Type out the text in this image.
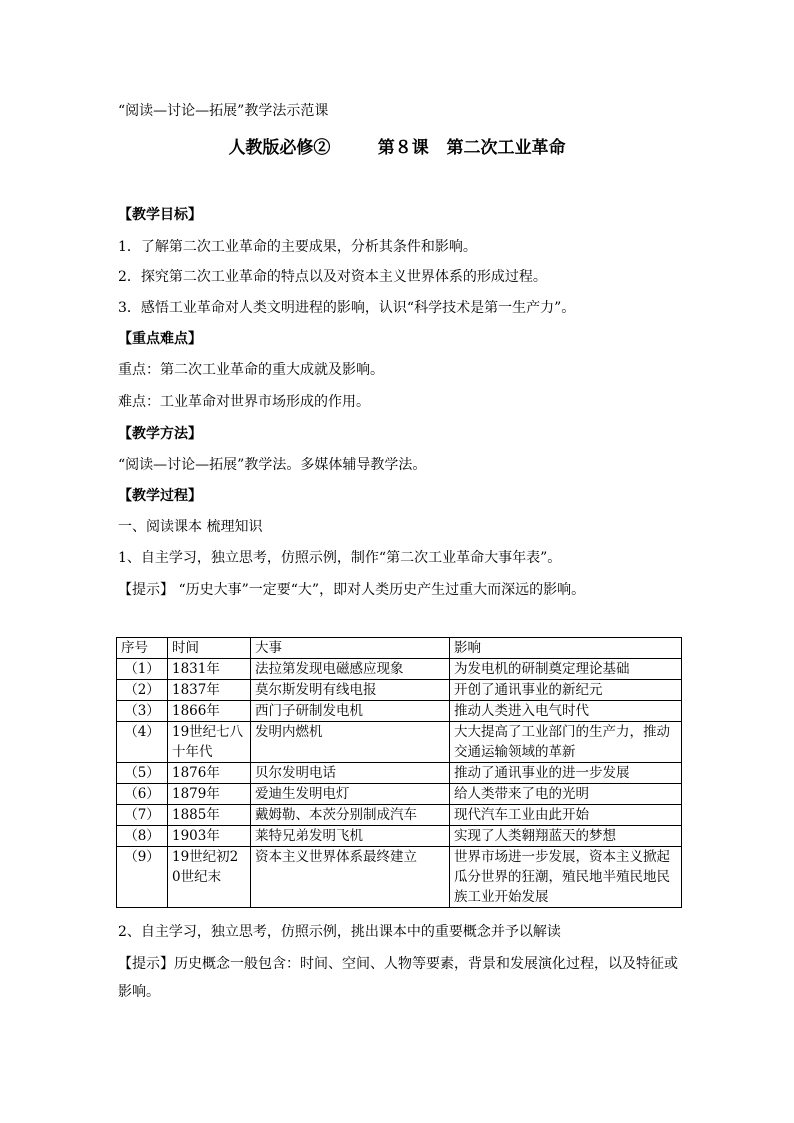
“阅读—讨论—拓展”教学法示范课
人教版必修②        第８课   第二次工业革命
【教学目标】
1．了解第二次工业革命的主要成果，分析其条件和影响。
2．探究第二次工业革命的特点以及对资本主义世界体系的形成过程。
3．感悟工业革命对人类文明进程的影响，认识“科学技术是第一生产力”。
【重点难点】
重点：第二次工业革命的重大成就及影响。
难点：工业革命对世界市场形成的作用。
【教学方法】
“阅读—讨论—拓展”教学法。多媒体辅导教学法。
【教学过程】
一、阅读课本 梳理知识
1、自主学习，独立思考，仿照示例，制作“第二次工业革命大事年表”。
【提示】 “历史大事”一定要“大”，即对人类历史产生过重大而深远的影响。
序号	时间	大事	影响
（1）	1831年	法拉第发现电磁感应现象	为发电机的研制奠定理论基础
（2）	1837年	莫尔斯发明有线电报	开创了通讯事业的新纪元
（3）	1866年	西门子研制发电机	推动人类进入电气时代
（4）	19世纪七八十年代	发明内燃机	大大提高了工业部门的生产力，推动交通运输领域的革新
（5）	1876年	贝尔发明电话	推动了通讯事业的进一步发展
（6）	1879年	爱迪生发明电灯	给人类带来了电的光明
（7）	1885年	戴姆勒、本茨分别制成汽车	现代汽车工业由此开始
（8）	1903年	莱特兄弟发明飞机	实现了人类翱翔蓝天的梦想
（9）	19世纪初20世纪末	资本主义世界体系最终建立	世界市场进一步发展，资本主义掀起瓜分世界的狂潮，殖民地半殖民地民族工业开始发展
2、自主学习，独立思考，仿照示例，挑出课本中的重要概念并予以解读
【提示】历史概念一般包含：时间、空间、人物等要素，背景和发展演化过程，以及特征或影响。
